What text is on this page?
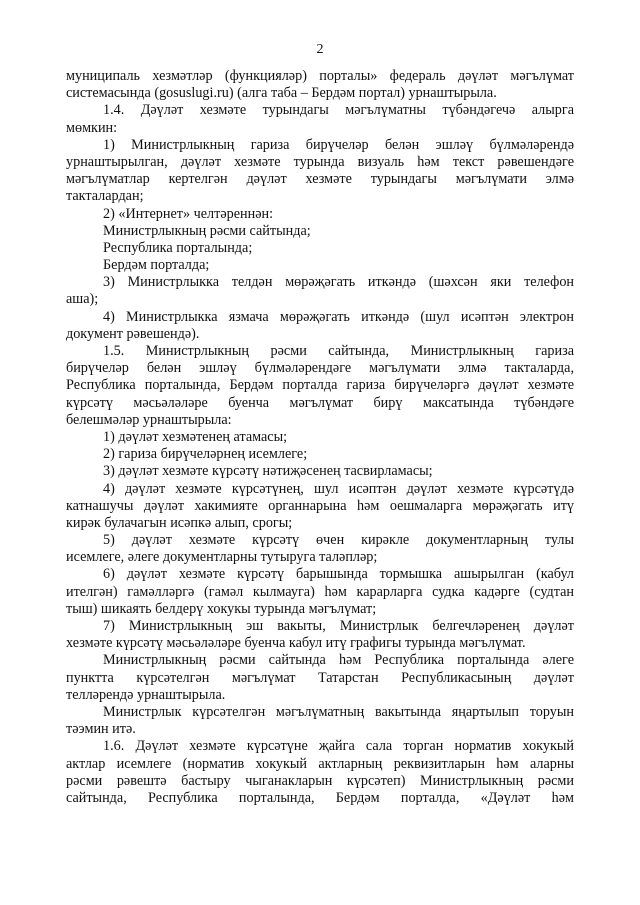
2
муниципаль хезмәтләр (функцияләр) порталы» федераль дәүләт мәгълүмат
системасында (gosuslugi.ru) (алга таба – Бердәм портал) урнаштырыла.
1.4. Дәүләт хезмәте турындагы мәгълүматны түбәндәгечә алырга
мөмкин:
1) Министрлыкның гариза бирүчеләр белән эшләү бүлмәләрендә
урнаштырылган, дәүләт хезмәте турында визуаль һәм текст рәвешендәге
мәгълүматлар кертелгән дәүләт хезмәте турындагы мәгълүмати элмә
такталардан;
2) «Интернет» челтәреннән:
Министрлыкның рәсми сайтында;
Республика порталында;
Бердәм порталда;
3) Министрлыкка телдән мөрәҗәгать иткәндә (шәхсән яки телефон
аша);
4) Министрлыкка язмача мөрәҗәгать иткәндә (шул исәптән электрон
документ рәвешендә).
1.5. Министрлыкның рәсми сайтында, Министрлыкның гариза
бирүчеләр белән эшләү бүлмәләрендәге мәгълүмати элмә такталарда,
Республика порталында, Бердәм порталда гариза бирүчеләргә дәүләт хезмәте
күрсәтү мәсьәләләре буенча мәгълүмат бирү максатында түбәндәге
белешмәләр урнаштырыла:
1) дәүләт хезмәтенең атамасы;
2) гариза бирүчеләрнең исемлеге;
3) дәүләт хезмәте күрсәтү нәтиҗәсенең тасвирламасы;
4) дәүләт хезмәте күрсәтүнең, шул исәптән дәүләт хезмәте күрсәтүдә
катнашучы дәүләт хакимияте органнарына һәм оешмаларга мөрәҗәгать итү
кирәк булачагын исәпкә алып, срогы;
5) дәүләт хезмәте күрсәтү өчен кирәкле документларның тулы
исемлеге, әлеге документларны тутыруга таләпләр;
6) дәүләт хезмәте күрсәтү барышында тормышка ашырылган (кабул
ителгән) гамәлләргә (гамәл кылмауга) һәм карарларга судка кадәрге (судтан
тыш) шикаять белдерү хокукы турында мәгълүмат;
7) Министрлыкның эш вакыты, Министрлык белгечләренең дәүләт
хезмәте күрсәтү мәсьәләләре буенча кабул итү графигы турында мәгълүмат.
Министрлыкның рәсми сайтында һәм Республика порталында әлеге
пунктта күрсәтелгән мәгълүмат Татарстан Республикасының дәүләт
телләрендә урнаштырыла.
Министрлык күрсәтелгән мәгълүматның вакытында яңартылып торуын
тәэмин итә.
1.6. Дәүләт хезмәте күрсәтүне җайга сала торган норматив хокукый
актлар исемлеге (норматив хокукый актларның реквизитларын һәм аларны
рәсми рәвештә бастыру чыганакларын күрсәтеп) Министрлыкның рәсми
сайтында, Республика порталында, Бердәм порталда, «Дәүләт һәм
